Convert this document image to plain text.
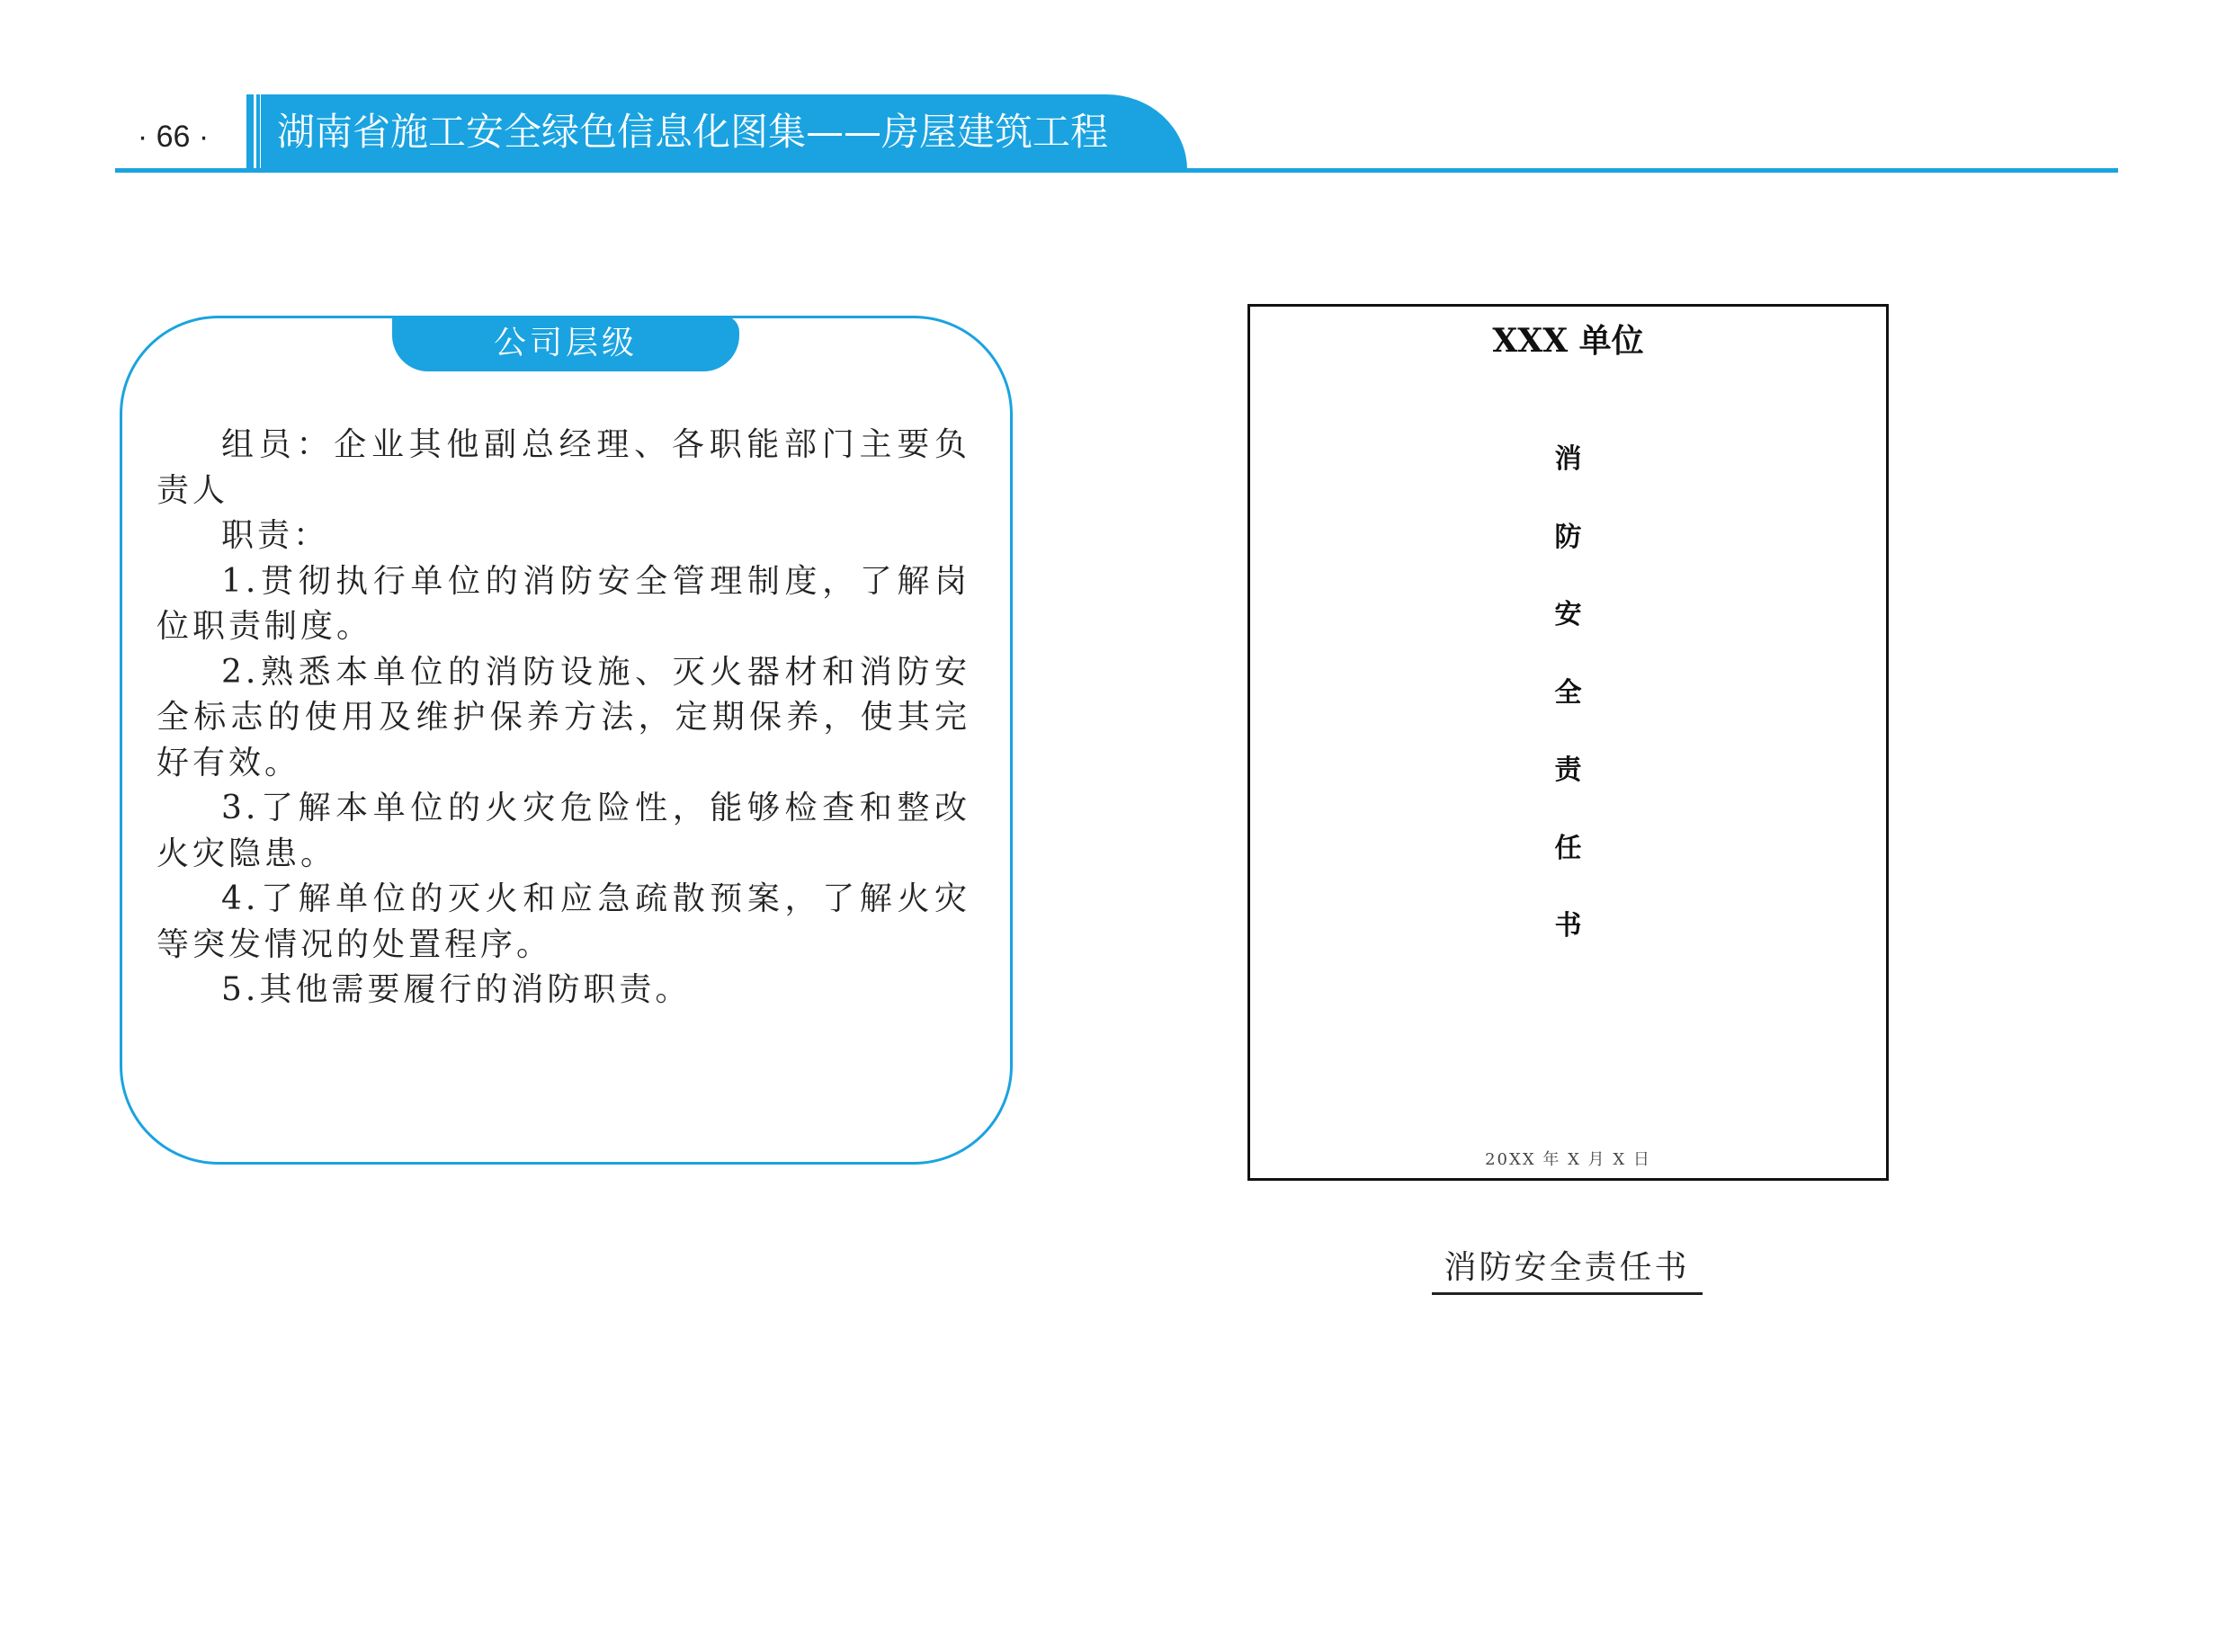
· 66 ·	湖南省施工安全绿色信息化图集——房屋建筑工程
公司层级

组员：企业其他副总经理、各职能部门主要负责人

职责：

1.贯彻执行单位的消防安全管理制度，了解岗位职责制度。

2.熟悉本单位的消防设施、灭火器材和消防安全标志的使用及维护保养方法，定期保养，使其完好有效。

3.了解本单位的火灾危险性，能够检查和整改火灾隐患。

4.了解单位的灭火和应急疏散预案，了解火灾等突发情况的处置程序。

5.其他需要履行的消防职责。

XXX 单位
消
防
安
全
责
任
书
20XX 年 X 月 X 日
消防安全责任书
